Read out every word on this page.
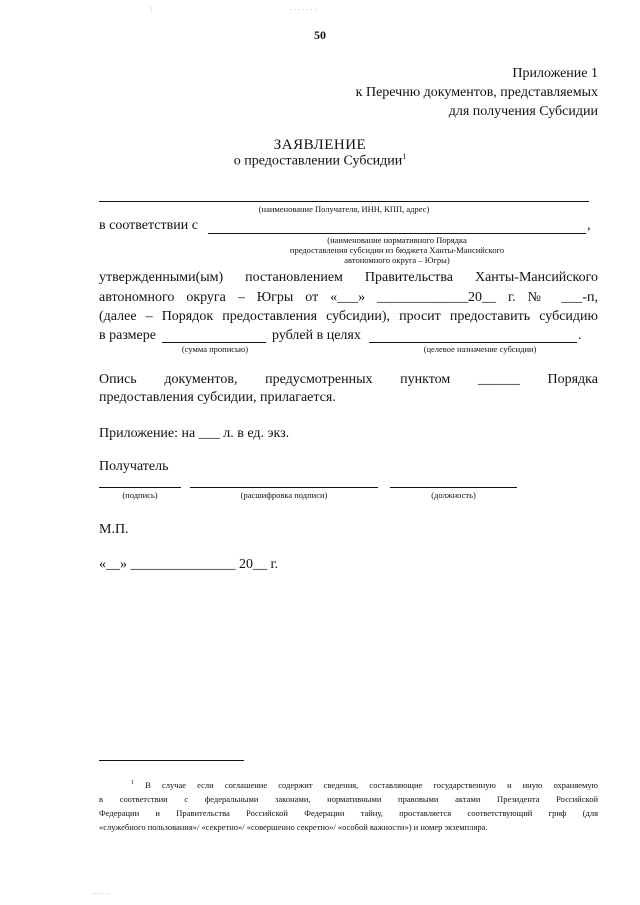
⁝	· · · · · · ·
····· ··
50
Приложение 1
к Перечню документов, представляемых
для получения Субсидии
ЗАЯВЛЕНИЕ
о предоставлении Субсидии$^1$
(наименование Получателя, ИНН, КПП, адрес)
в соответствии с	,
(наименование нормативного Порядка
предоставления субсидии из бюджета Ханты-Мансийского
автономного округа – Югры)
утвержденными(ым) постановлением Правительства Ханты-Мансийского
автономного округа – Югры от «___» _____________20__ г. № ___-п,
(далее – Порядок предоставления субсидии), просит предоставить субсидию
в размере	рублей в целях	.
(сумма прописью)	(целевое назначение субсидии)
Опись документов, предусмотренных пунктом ______ Порядка
предоставления субсидии, прилагается.
Приложение: на ___ л. в ед. экз.
Получатель
(подпись)	(расшифровка подписи)	(должность)
М.П.
«__» _______________ 20__ г.
$^1$ В случае если соглашение содержит сведения, составляющие государственную и иную охраняемую
в соответствии с федеральными законами, нормативными правовыми актами Президента Российской
Федерации и Правительства Российской Федерации тайну, проставляется соответствующий гриф (для
«служебного пользования»/ «секретно»/ «совершенно секретно»/ «особой важности») и номер экземпляра.
